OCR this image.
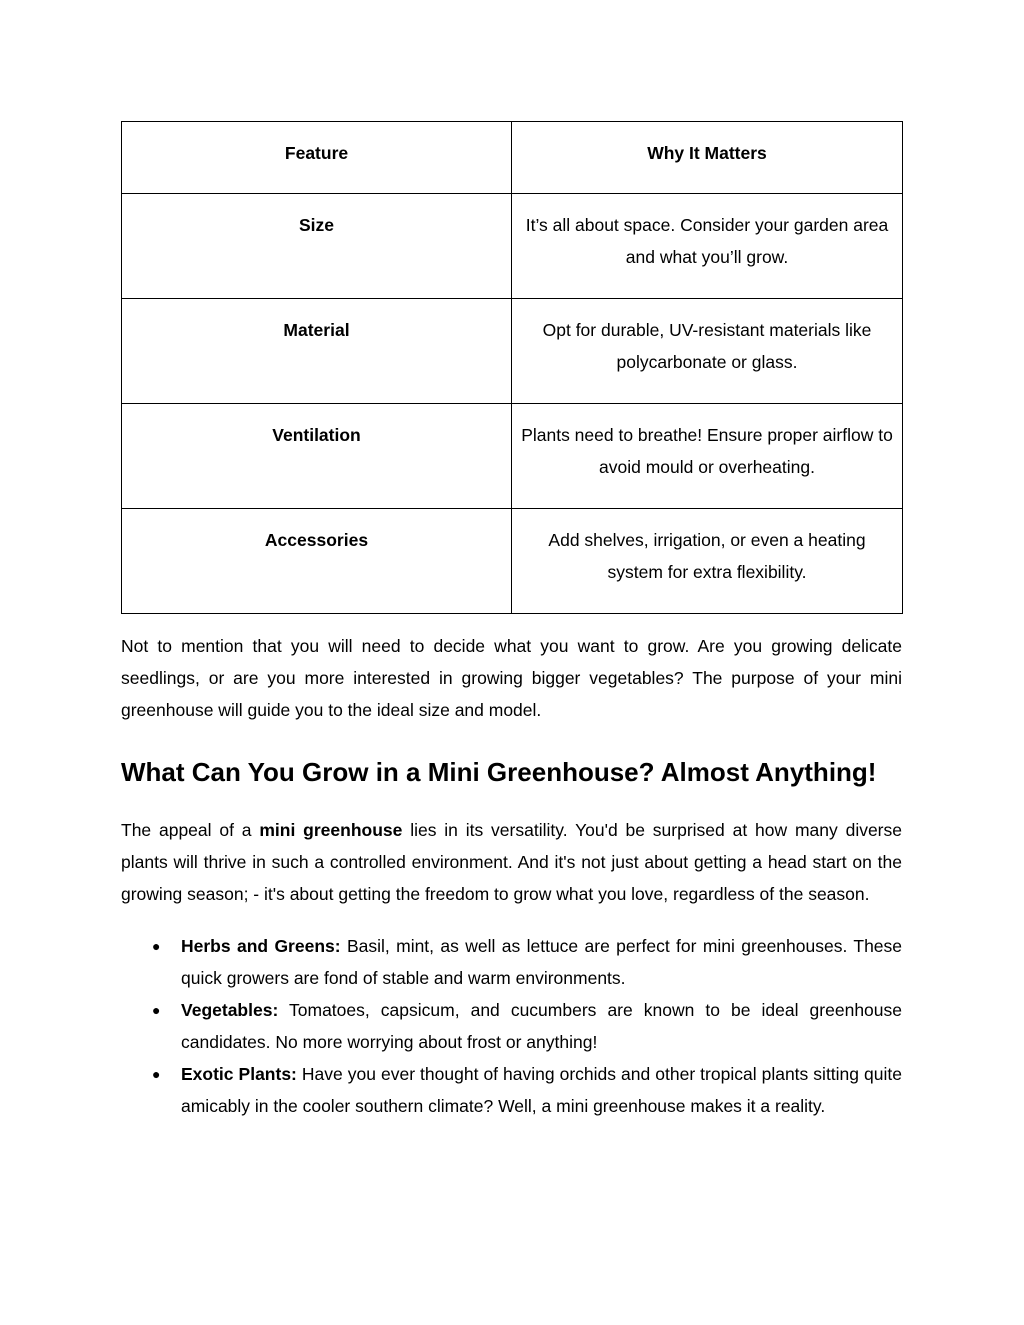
Feature	Why It Matters
Size	It’s all about space. Consider your garden area and what you’ll grow.
Material	Opt for durable, UV-resistant materials like polycarbonate or glass.
Ventilation	Plants need to breathe! Ensure proper airflow to avoid mould or overheating.
Accessories	Add shelves, irrigation, or even a heating system for extra flexibility.

Not to mention that you will need to decide what you want to grow. Are you growing delicate seedlings, or are you more interested in growing bigger vegetables? The purpose of your mini greenhouse will guide you to the ideal size and model.

What Can You Grow in a Mini Greenhouse? Almost Anything!

The appeal of a mini greenhouse lies in its versatility. You'd be surprised at how many diverse plants will thrive in such a controlled environment. And it's not just about getting a head start on the growing season; - it's about getting the freedom to grow what you love, regardless of the season.

● Herbs and Greens: Basil, mint, as well as lettuce are perfect for mini greenhouses. These quick growers are fond of stable and warm environments.
● Vegetables: Tomatoes, capsicum, and cucumbers are known to be ideal greenhouse candidates. No more worrying about frost or anything!
● Exotic Plants: Have you ever thought of having orchids and other tropical plants sitting quite amicably in the cooler southern climate? Well, a mini greenhouse makes it a reality.
